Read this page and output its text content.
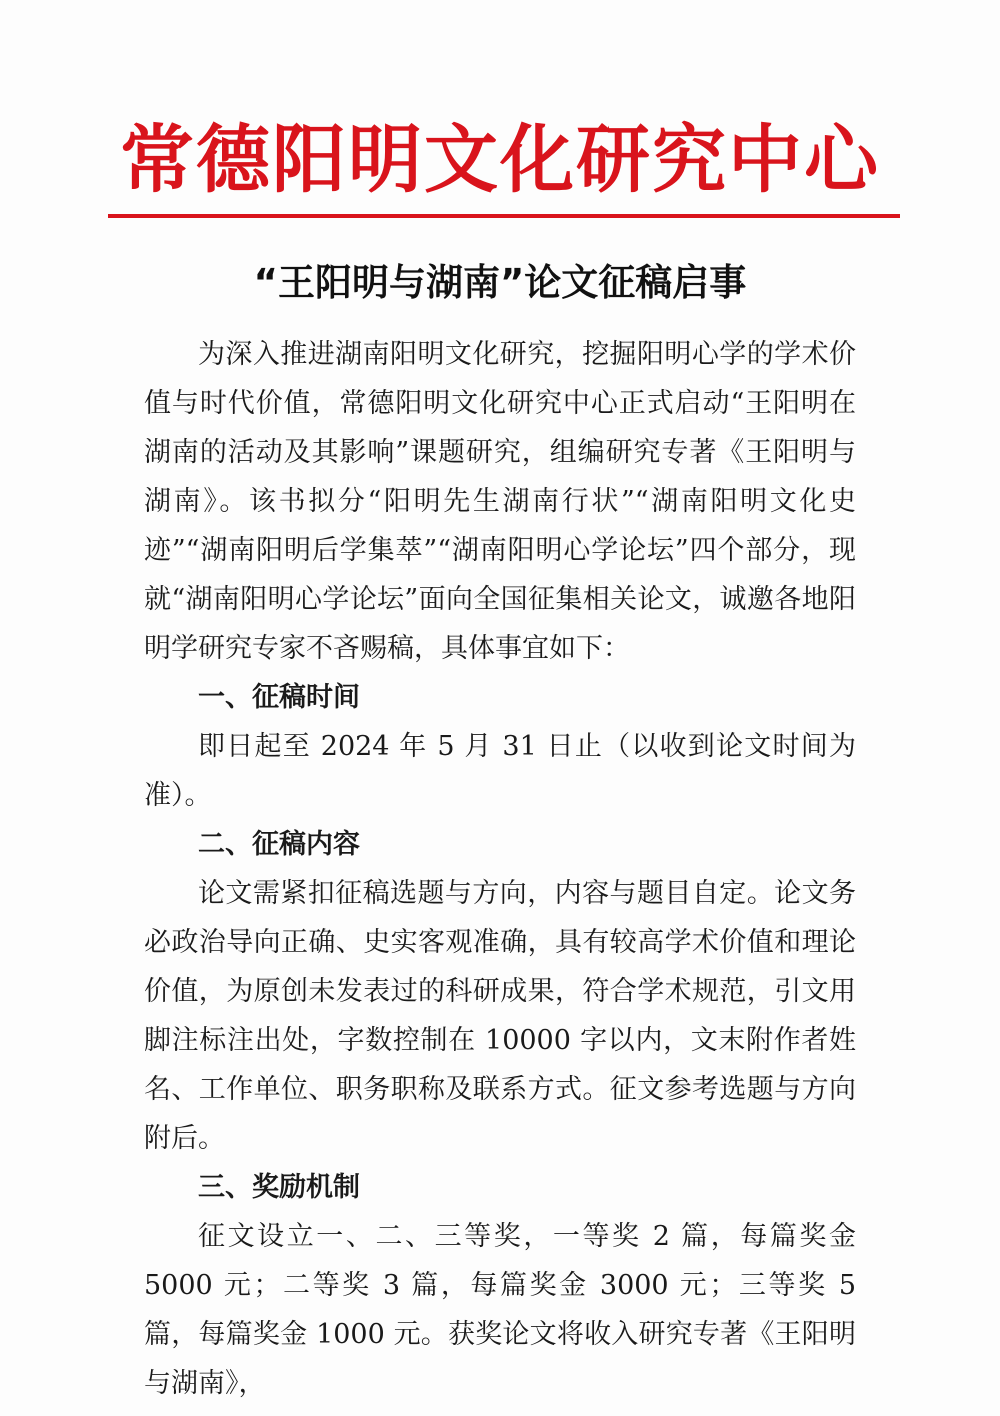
常德阳明文化研究中心
“王阳明与湖南”论文征稿启事

为深入推进湖南阳明文化研究，挖掘阳明心学的学术价值与时代价值，常德阳明文化研究中心正式启动“王阳明在湖南的活动及其影响”课题研究，组编研究专著《王阳明与湖南》。该书拟分“阳明先生湖南行状”“湖南阳明文化史迹”“湖南阳明后学集萃”“湖南阳明心学论坛”四个部分，现就“湖南阳明心学论坛”面向全国征集相关论文，诚邀各地阳明学研究专家不吝赐稿，具体事宜如下：

一、征稿时间

即日起至 2024 年 5 月 31 日止（以收到论文时间为准）。

二、征稿内容

论文需紧扣征稿选题与方向，内容与题目自定。论文务必政治导向正确、史实客观准确，具有较高学术价值和理论价值，为原创未发表过的科研成果，符合学术规范，引文用脚注标注出处，字数控制在 10000 字以内，文末附作者姓名、工作单位、职务职称及联系方式。征文参考选题与方向附后。

三、奖励机制

征文设立一、二、三等奖，一等奖 2 篇，每篇奖金 5000 元；二等奖 3 篇，每篇奖金 3000 元；三等奖 5 篇，每篇奖金 1000 元。获奖论文将收入研究专著《王阳明与湖南》，
